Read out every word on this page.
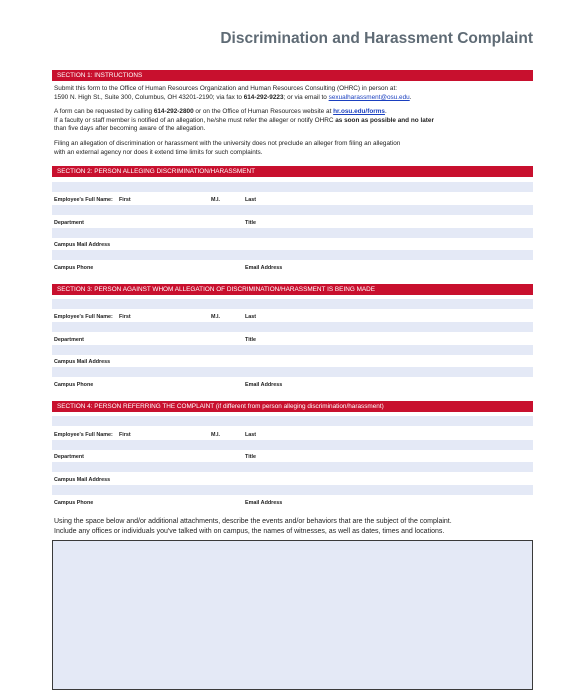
Discrimination and Harassment Complaint
SECTION 1: INSTRUCTIONS
Submit this form to the Office of Human Resources Organization and Human Resources Consulting (OHRC) in person at:
1590 N. High St., Suite 300, Columbus, OH 43201-2190; via fax to 614-292-9223; or via email to sexualharassment@osu.edu.
A form can be requested by calling 614-292-2800 or on the Office of Human Resources website at hr.osu.edu/forms.
If a faculty or staff member is notified of an allegation, he/she must refer the alleger or notify OHRC as soon as possible and no later
than five days after becoming aware of the allegation.
Filing an allegation of discrimination or harassment with the university does not preclude an alleger from filing an allegation
with an external agency nor does it extend time limits for such complaints.
SECTION 2: PERSON ALLEGING DISCRIMINATION/HARASSMENT
Employee's Full Name: First	M.I.	Last
Department	Title
Campus Mail Address
Campus Phone	Email Address
SECTION 3: PERSON AGAINST WHOM ALLEGATION OF DISCRIMINATION/HARASSMENT IS BEING MADE
Employee's Full Name: First	M.I.	Last
Department	Title
Campus Mail Address
Campus Phone	Email Address
SECTION 4: PERSON REFERRING THE COMPLAINT (if different from person alleging discrimination/harassment)
Employee's Full Name: First	M.I.	Last
Department	Title
Campus Mail Address
Campus Phone	Email Address
Using the space below and/or additional attachments, describe the events and/or behaviors that are the subject of the complaint.
Include any offices or individuals you've talked with on campus, the names of witnesses, as well as dates, times and locations.
